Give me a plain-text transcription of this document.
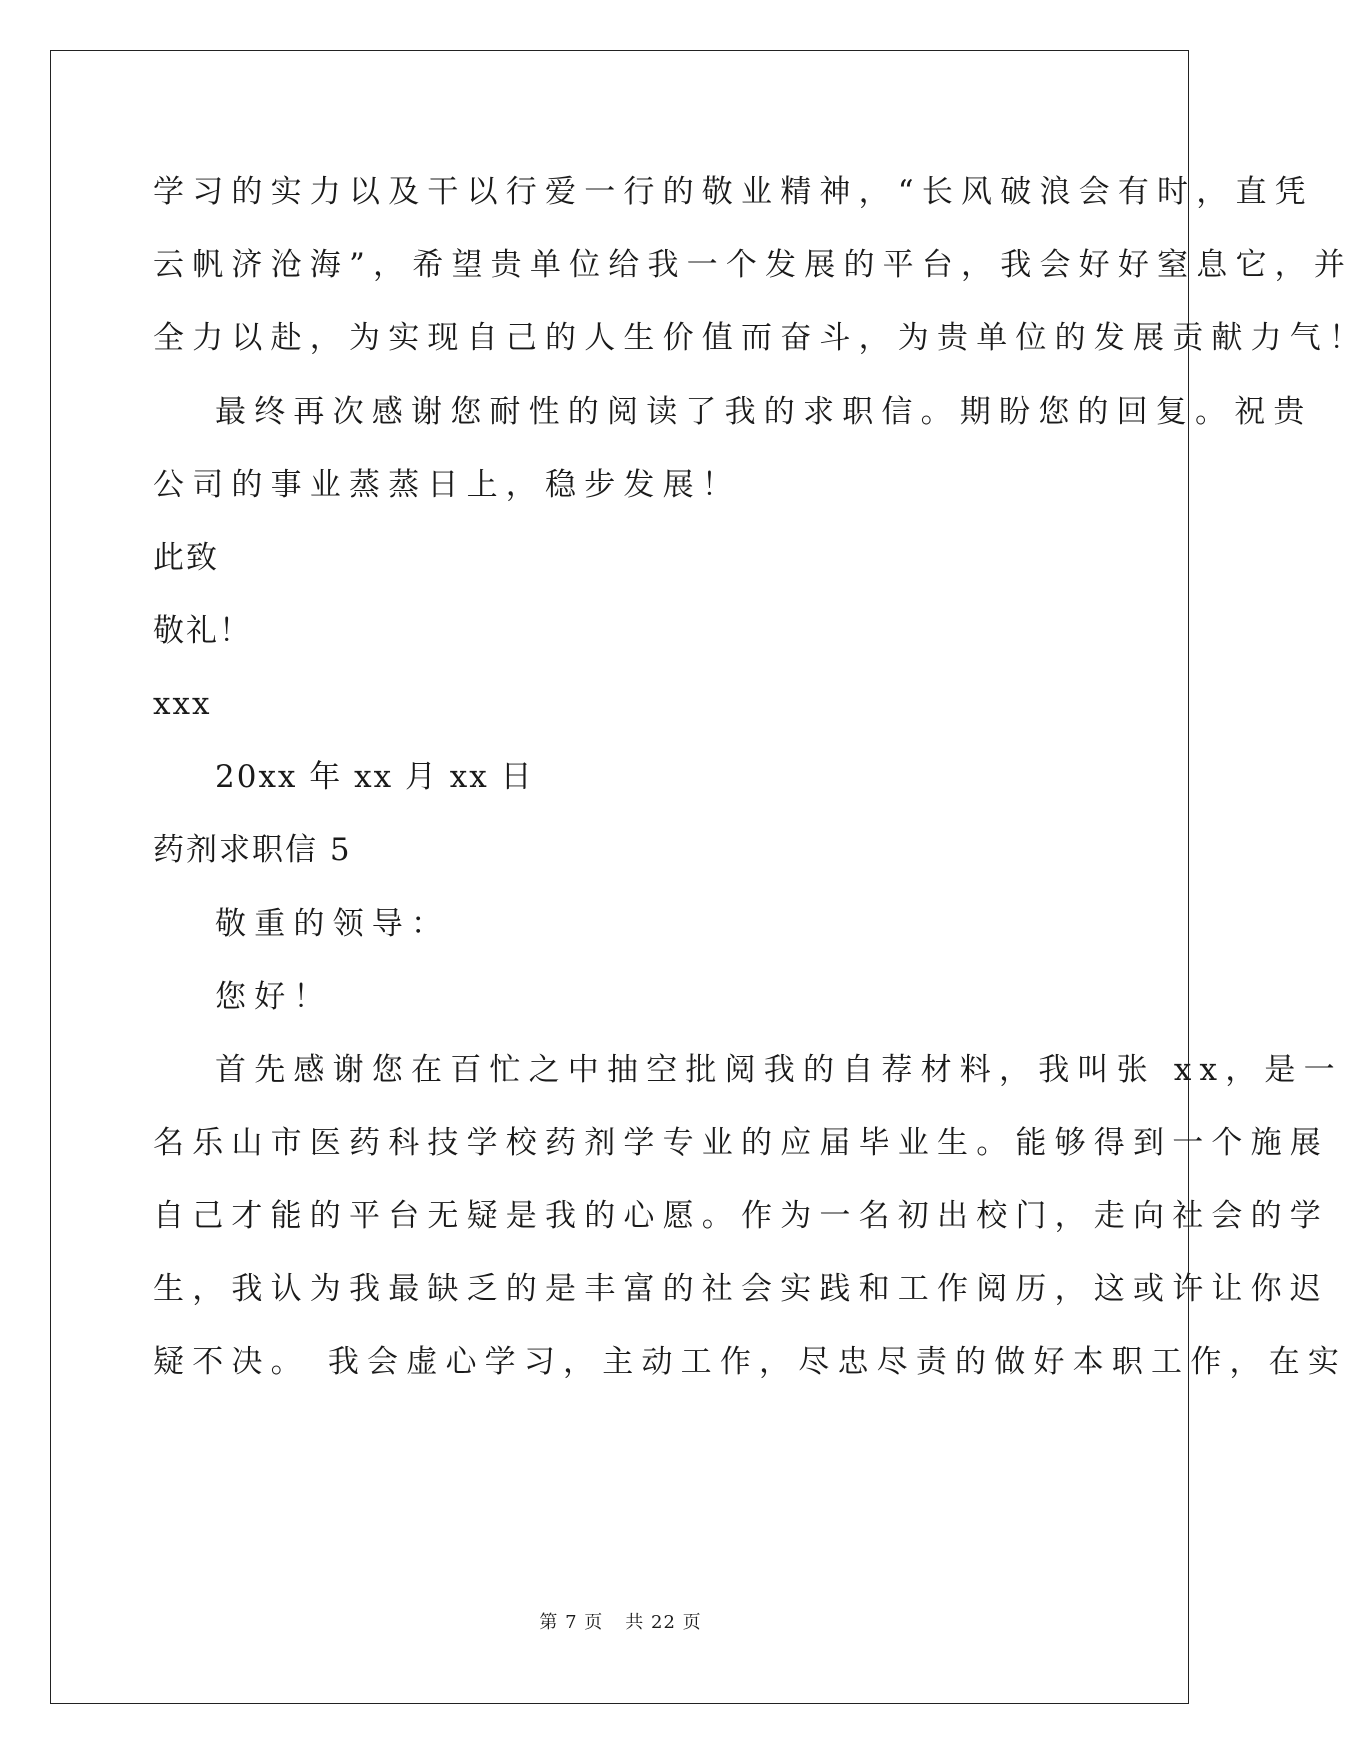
学习的实力以及干以行爱一行的敬业精神，“长风破浪会有时，直凭
云帆济沧海”，希望贵单位给我一个发展的平台，我会好好窒息它，并
全力以赴，为实现自己的人生价值而奋斗，为贵单位的发展贡献力气！
最终再次感谢您耐性的阅读了我的求职信。期盼您的回复。祝贵
公司的事业蒸蒸日上，稳步发展！
此致
敬礼！
xxx
20xx 年 xx 月 xx 日
药剂求职信 5
敬重的领导：
您好！
首先感谢您在百忙之中抽空批阅我的自荐材料，我叫张 xx，是一
名乐山市医药科技学校药剂学专业的应届毕业生。能够得到一个施展
自己才能的平台无疑是我的心愿。作为一名初出校门，走向社会的学
生，我认为我最缺乏的是丰富的社会实践和工作阅历，这或许让你迟
疑不决。 我会虚心学习，主动工作，尽忠尽责的做好本职工作，在实
第 7 页 共 22 页
